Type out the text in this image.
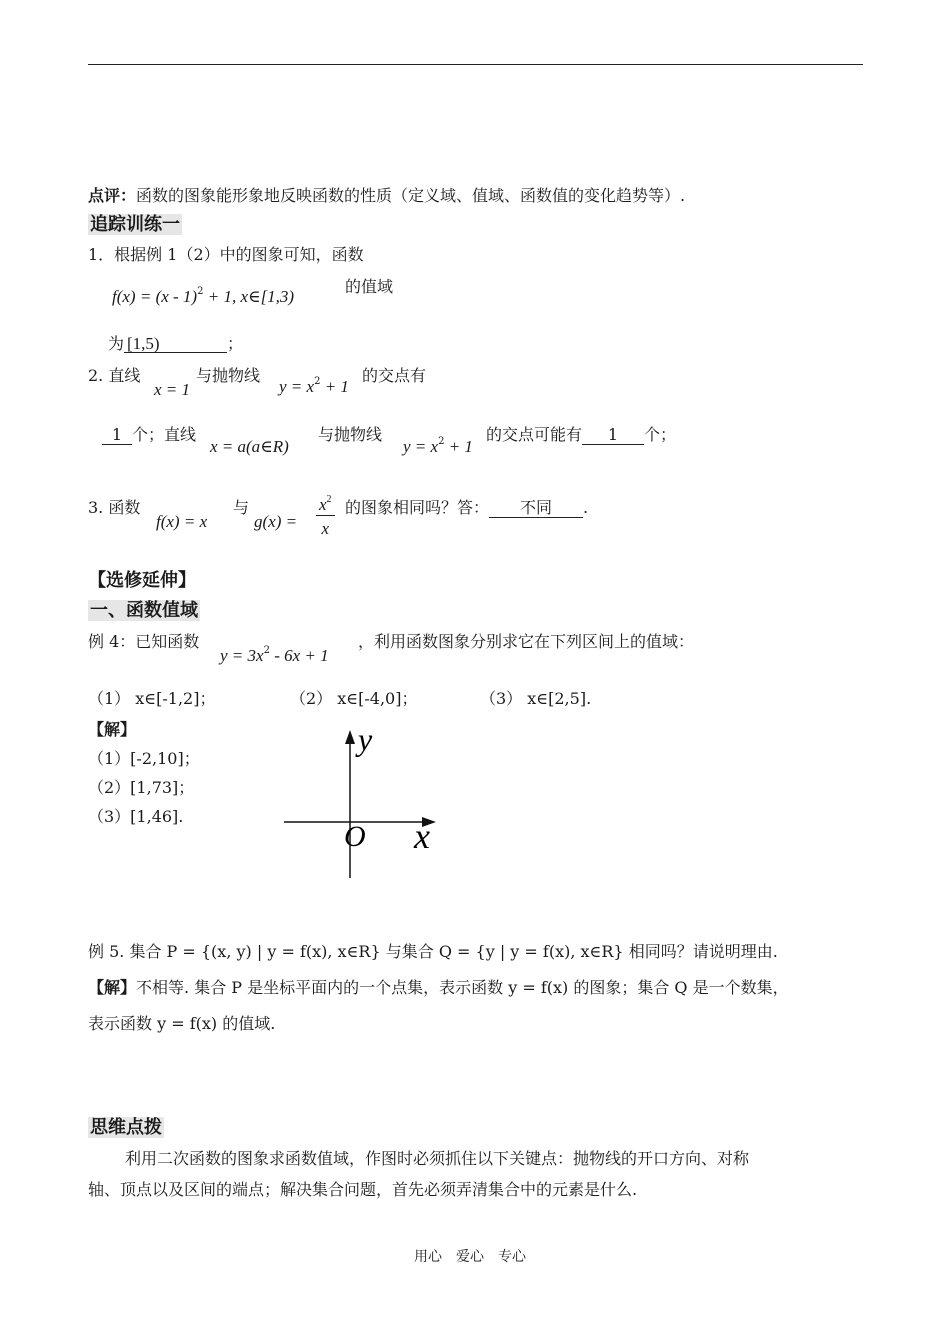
点评：函数的图象能形象地反映函数的性质（定义域、值域、函数值的变化趋势等）.
追踪训练一
1．根据例 1（2）中的图象可知，函数
f(x) = (x - 1)$^2$ + 1, x∈[1,3)
的值域
为 [1,5)	；
2. 直线
x = 1
与抛物线
$y = x^2 + 1$
的交点有
1 个；直线
x = a(a∈R)
与抛物线
$y = x^2 + 1$
的交点可能有 1 个；
3. 函数
f(x) = x
与
$g(x) = \frac{x^2}{x}$ 的图象相同吗？答： 不同 .
【选修延伸】
一、函数值域
例 4：已知函数
$y = 3x^2 - 6x + 1$
，利用函数图象分别求它在下列区间上的值域：
（1） x∈[-1,2]；	（2） x∈[-4,0]；	（3） x∈[2,5].
【解】
（1）[-2,10]；
（2）[1,73]；
（3）[1,46].
y
x
O
例 5. 集合 P = {(x, y) | y = f(x), x∈R} 与集合 Q = {y | y = f(x), x∈R} 相同吗？请说明理由.
【解】不相等. 集合 P 是坐标平面内的一个点集，表示函数 y = f(x) 的图象；集合 Q 是一个数集，
表示函数 y = f(x) 的值域.
思维点拨
利用二次函数的图象求函数值域，作图时必须抓住以下关键点：抛物线的开口方向、对称
轴、顶点以及区间的端点；解决集合问题，首先必须弄清集合中的元素是什么.
用心　爱心　专心
